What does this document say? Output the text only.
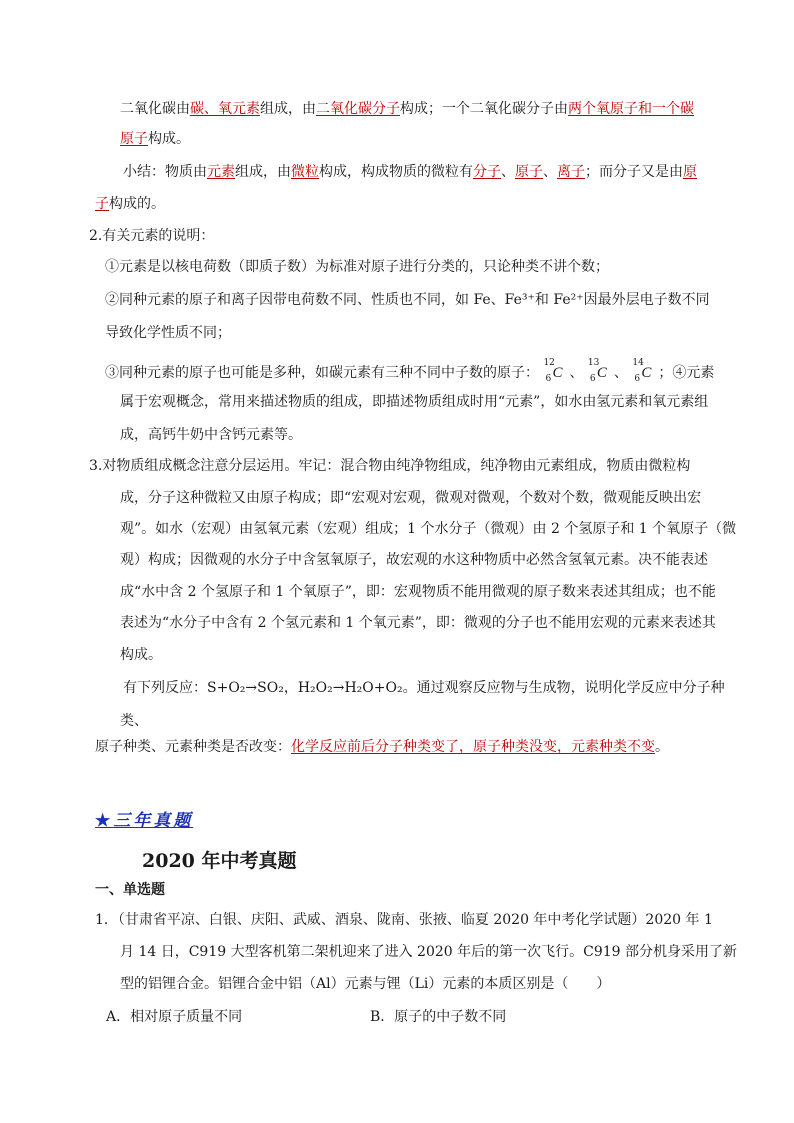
二氧化碳由碳、氧元素组成，由二氧化碳分子构成；一个二氧化碳分子由两个氧原子和一个碳
原子构成。
小结：物质由元素组成，由微粒构成，构成物质的微粒有分子、原子、离子；而分子又是由原
子构成的。
2.有关元素的说明：
①元素是以核电荷数（即质子数）为标准对原子进行分类的，只论种类不讲个数；
②同种元素的原子和离子因带电荷数不同、性质也不同，如 Fe、Fe³⁺和 Fe²⁺因最外层电子数不同
导致化学性质不同；
③同种元素的原子也可能是多种，如碳元素有三种不同中子数的原子：
12
6 C 、
13
6 C 、
14
6 C ；④元素
属于宏观概念，常用来描述物质的组成，即描述物质组成时用“元素”，如水由氢元素和氧元素组
成，高钙牛奶中含钙元素等。
3.对物质组成概念注意分层运用。牢记：混合物由纯净物组成，纯净物由元素组成，物质由微粒构
成，分子这种微粒又由原子构成；即“宏观对宏观，微观对微观，个数对个数，微观能反映出宏
观”。如水（宏观）由氢氧元素（宏观）组成；1 个水分子（微观）由 2 个氢原子和 1 个氧原子（微
观）构成；因微观的水分子中含氢氧原子，故宏观的水这种物质中必然含氢氧元素。决不能表述
成“水中含 2 个氢原子和 1 个氧原子”，即：宏观物质不能用微观的原子数来表述其组成；也不能
表述为“水分子中含有 2 个氢元素和 1 个氧元素”，即：微观的分子也不能用宏观的元素来表述其
构成。
有下列反应：S+O₂→SO₂，H₂O₂→H₂O+O₂。通过观察反应物与生成物，说明化学反应中分子种
类、
原子种类、元素种类是否改变：化学反应前后分子种类变了，原子种类没变，元素种类不变。
★三年真题
2020 年中考真题
一、单选题
1．（甘肃省平凉、白银、庆阳、武威、酒泉、陇南、张掖、临夏 2020 年中考化学试题）2020 年 1
月 14 日，C919 大型客机第二架机迎来了进入 2020 年后的第一次飞行。C919 部分机身采用了新
型的铝锂合金。铝锂合金中铝（Al）元素与锂（Li）元素的本质区别是（　　）
A．相对原子质量不同	B．原子的中子数不同
